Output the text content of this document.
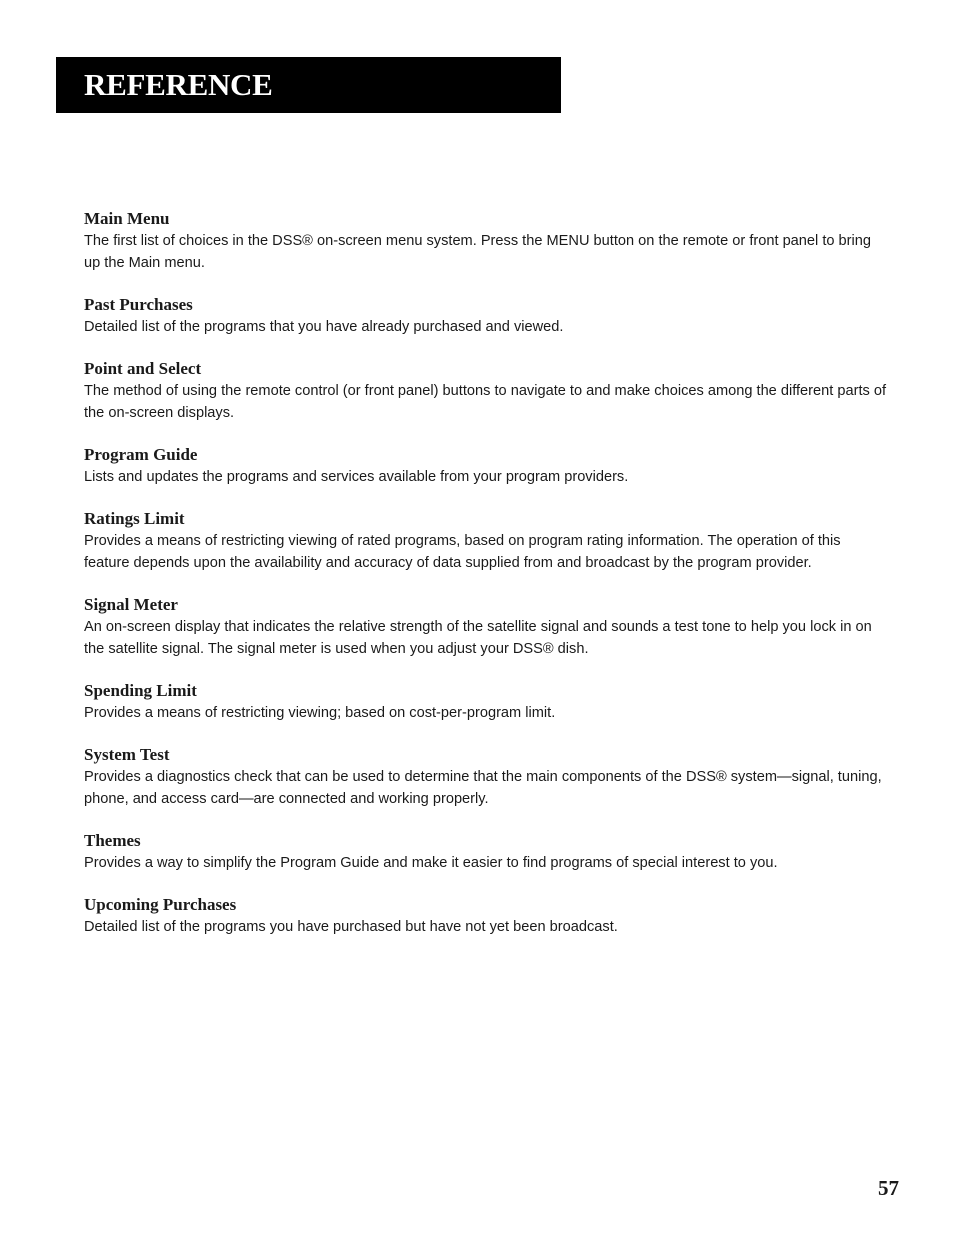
REFERENCE

Main Menu

The first list of choices in the DSS® on-screen menu system. Press the MENU button on the remote or front panel to bring up the Main menu.

Past Purchases

Detailed list of the programs that you have already purchased and viewed.

Point and Select

The method of using the remote control (or front panel) buttons to navigate to and make choices among the different parts of the on-screen displays.

Program Guide

Lists and updates the programs and services available from your program providers.

Ratings Limit

Provides a means of restricting viewing of rated programs, based on program rating information. The operation of this feature depends upon the availability and accuracy of data supplied from and broadcast by the program provider.

Signal Meter

An on-screen display that indicates the relative strength of the satellite signal and sounds a test tone to help you lock in on the satellite signal. The signal meter is used when you adjust your DSS® dish.

Spending Limit

Provides a means of restricting viewing; based on cost-per-program limit.

System Test

Provides a diagnostics check that can be used to determine that the main components of the DSS® system—signal, tuning, phone, and access card—are connected and working properly.

Themes

Provides a way to simplify the Program Guide and make it easier to find programs of special interest to you.

Upcoming Purchases

Detailed list of the programs you have purchased but have not yet been broadcast.

57
